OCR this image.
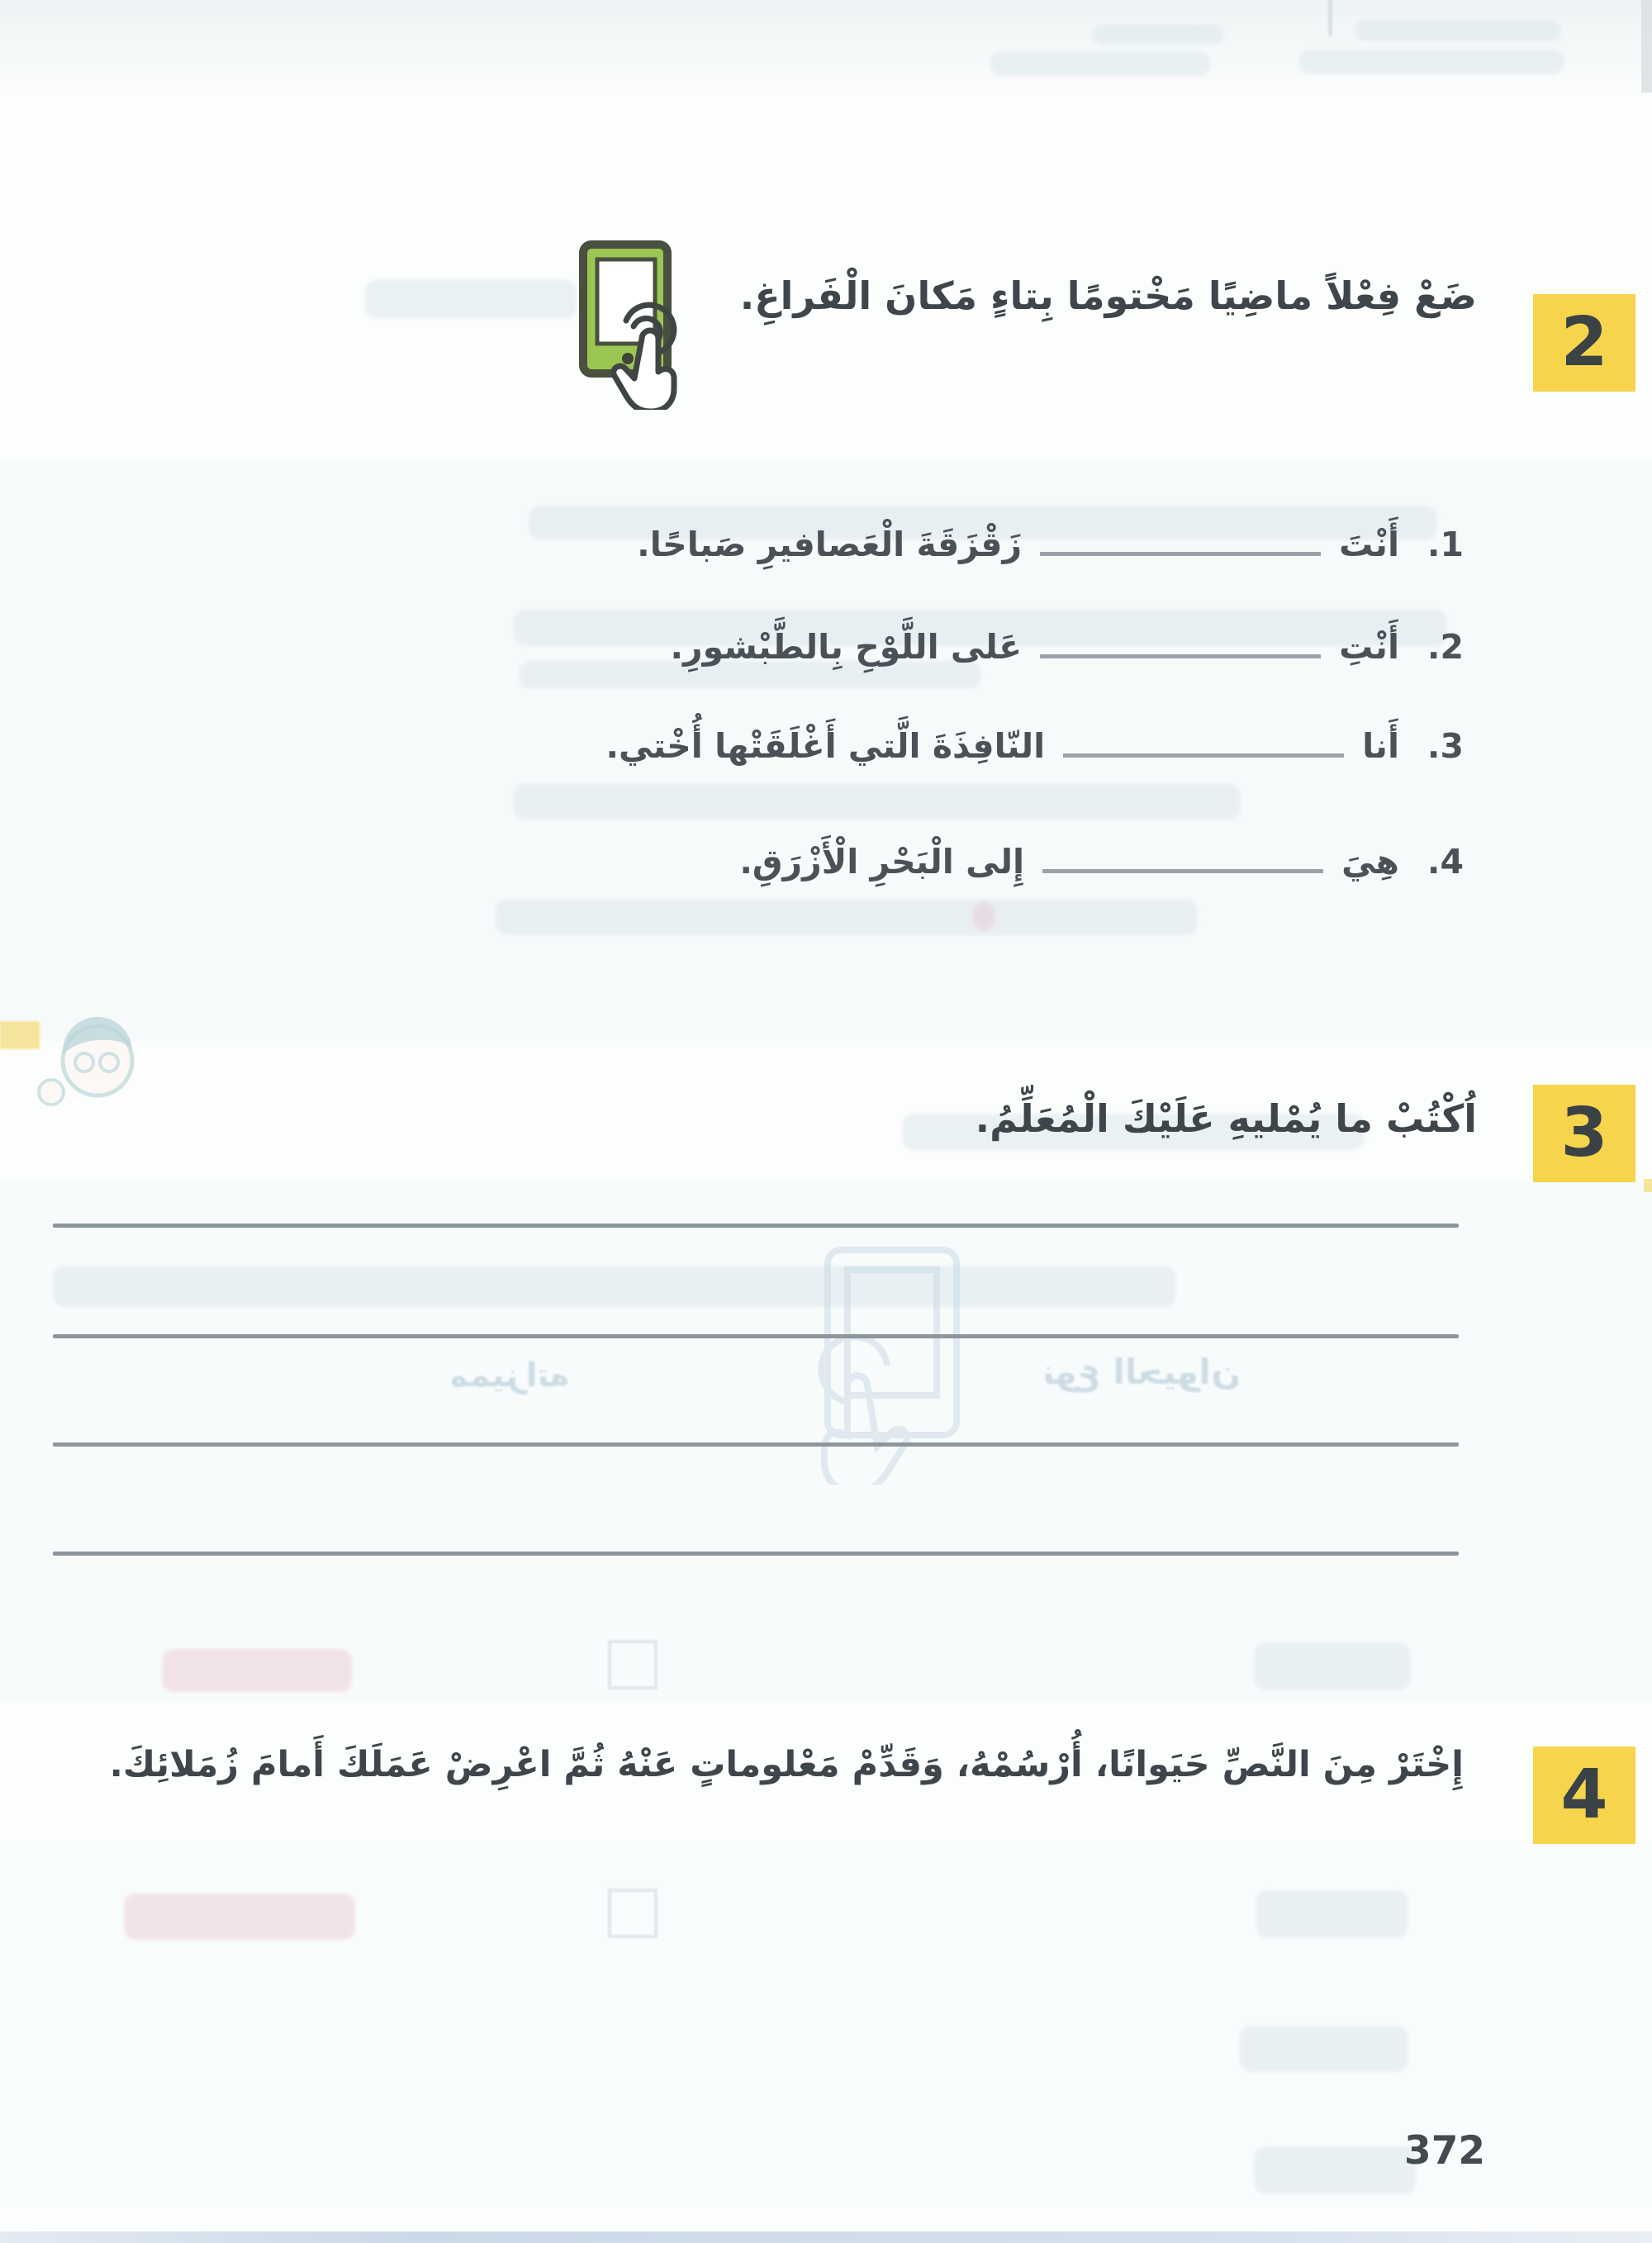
مميزاته	نوع الحيوان
2
ضَعْ فِعْلاً ماضِيًا مَخْتومًا بِتاءٍ مَكانَ الْفَراغِ.
1.
أَنْتَ
زَقْزَقَةَ الْعَصافيرِ صَباحًا.
2.
أَنْتِ
عَلى اللَّوْحِ بِالطَّبْشورِ.
3.
أَنا
النّافِذَةَ الَّتي أَغْلَقَتْها أُخْتي.
4.
هِيَ
إِلى الْبَحْرِ الْأَزْرَقِ.
3
اُكْتُبْ ما يُمْليهِ عَلَيْكَ الْمُعَلِّمُ.
4
إِخْتَرْ مِنَ النَّصِّ حَيَوانًا، أُرْسُمْهُ، وَقَدِّمْ مَعْلوماتٍ عَنْهُ ثُمَّ اعْرِضْ عَمَلَكَ أَمامَ زُمَلائِكَ.
372
